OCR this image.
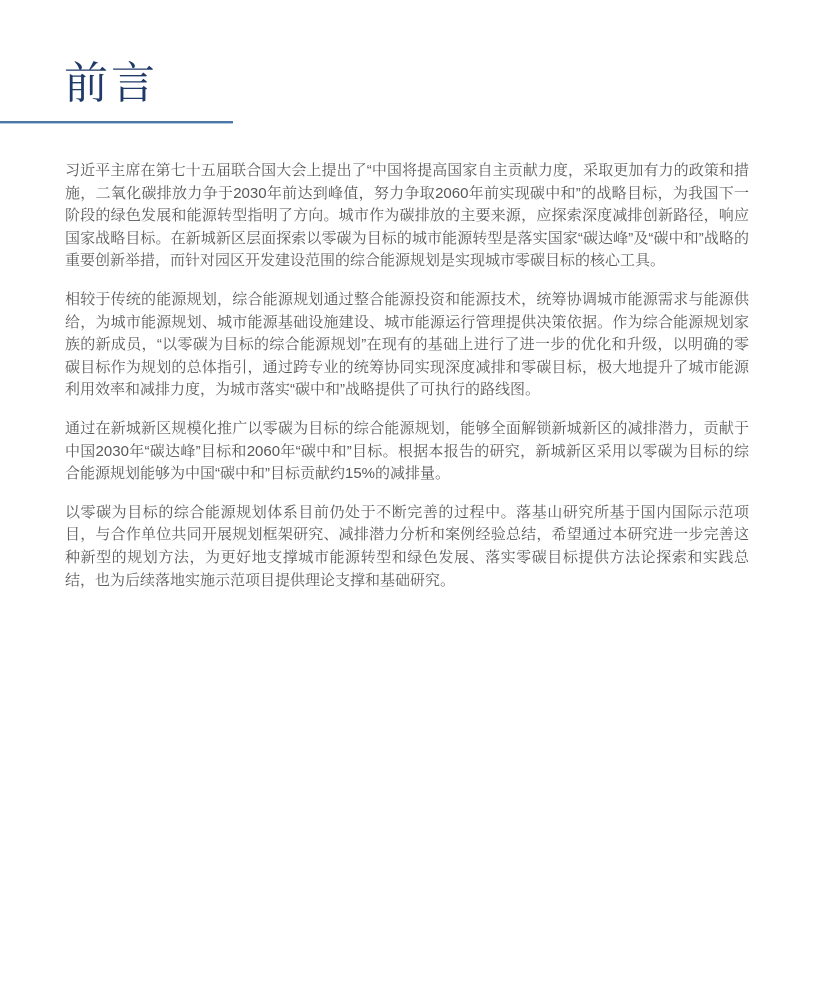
前言

习近平主席在第七十五届联合国大会上提出了“中国将提高国家自主贡献力度，采取更加有力的政策和措施，二氧化碳排放力争于2030年前达到峰值，努力争取2060年前实现碳中和”的战略目标，为我国下一阶段的绿色发展和能源转型指明了方向。城市作为碳排放的主要来源，应探索深度减排创新路径，响应国家战略目标。在新城新区层面探索以零碳为目标的城市能源转型是落实国家“碳达峰”及“碳中和”战略的重要创新举措，而针对园区开发建设范围的综合能源规划是实现城市零碳目标的核心工具。

相较于传统的能源规划，综合能源规划通过整合能源投资和能源技术，统筹协调城市能源需求与能源供给，为城市能源规划、城市能源基础设施建设、城市能源运行管理提供决策依据。作为综合能源规划家族的新成员，“以零碳为目标的综合能源规划”在现有的基础上进行了进一步的优化和升级，以明确的零碳目标作为规划的总体指引，通过跨专业的统筹协同实现深度减排和零碳目标，极大地提升了城市能源利用效率和减排力度，为城市落实“碳中和”战略提供了可执行的路线图。

通过在新城新区规模化推广以零碳为目标的综合能源规划，能够全面解锁新城新区的减排潜力，贡献于中国2030年“碳达峰”目标和2060年“碳中和”目标。根据本报告的研究，新城新区采用以零碳为目标的综合能源规划能够为中国“碳中和”目标贡献约15%的减排量。

以零碳为目标的综合能源规划体系目前仍处于不断完善的过程中。落基山研究所基于国内国际示范项目，与合作单位共同开展规划框架研究、减排潜力分析和案例经验总结，希望通过本研究进一步完善这种新型的规划方法，为更好地支撑城市能源转型和绿色发展、落实零碳目标提供方法论探索和实践总结，也为后续落地实施示范项目提供理论支撑和基础研究。
